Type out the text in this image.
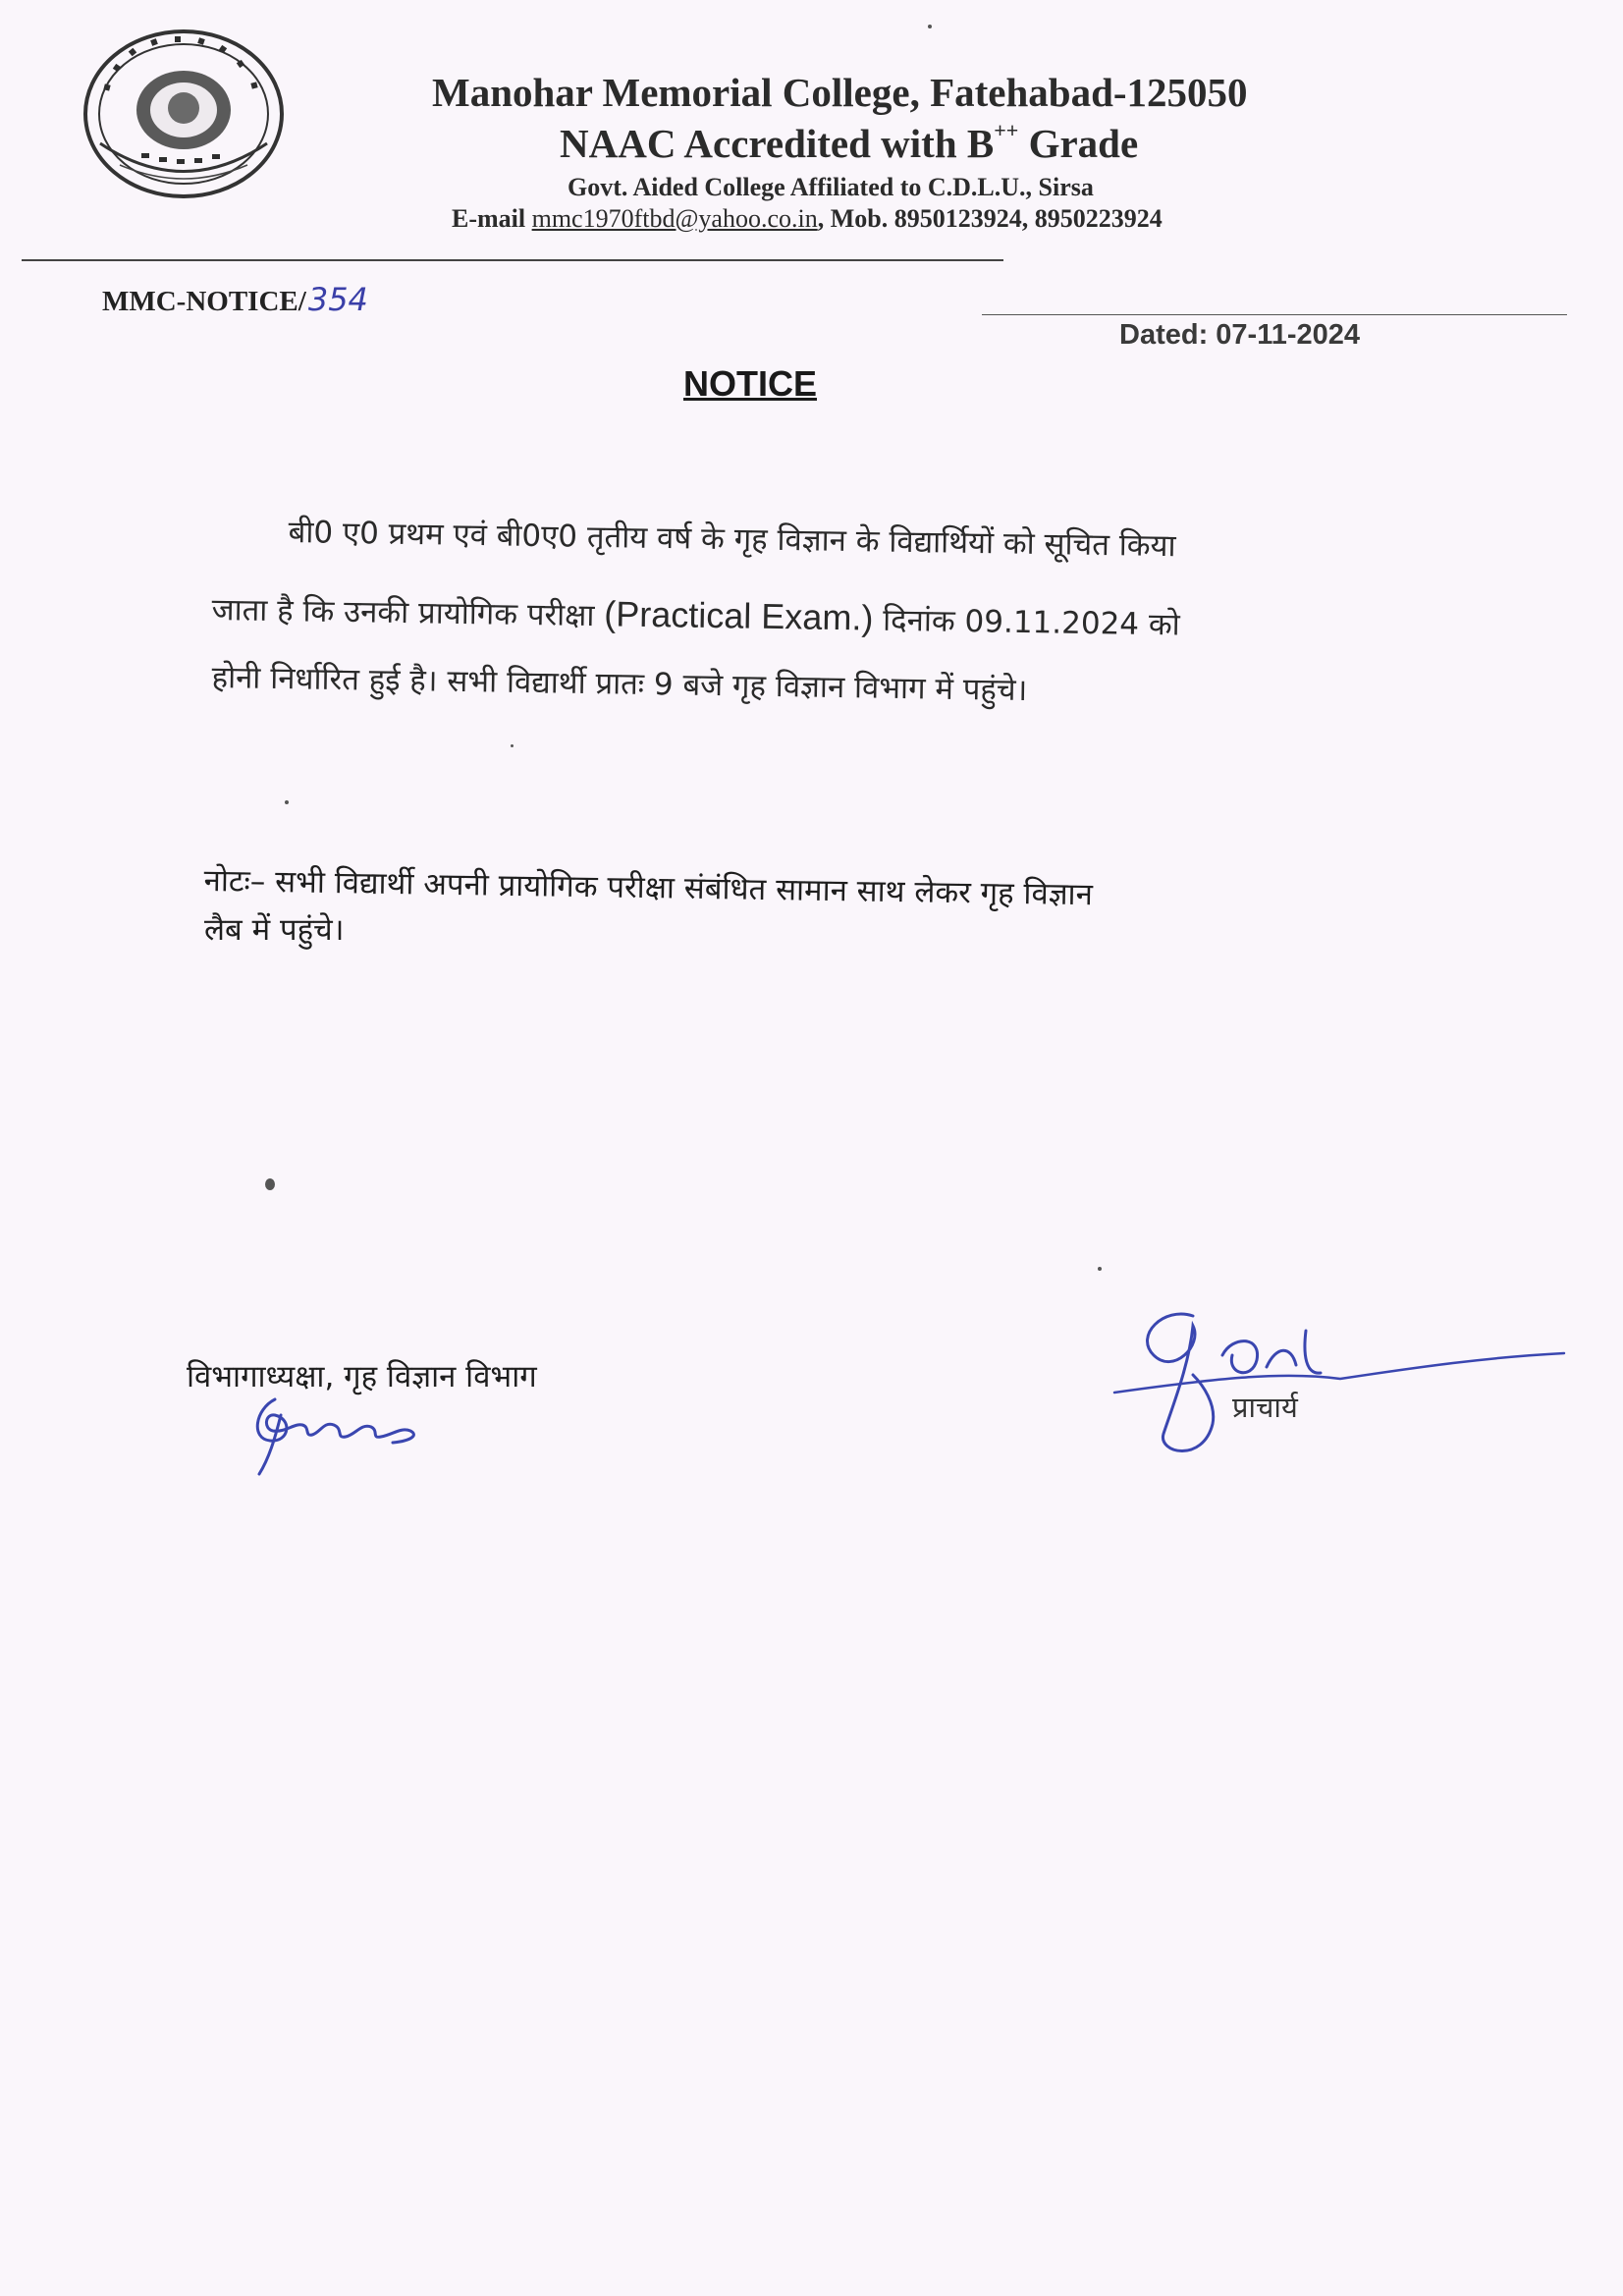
Manohar Memorial College, Fatehabad-125050
NAAC Accredited with B++ Grade
Govt. Aided College Affiliated to C.D.L.U., Sirsa
E-mail mmc1970ftbd@yahoo.co.in, Mob. 8950123924, 8950223924
MMC-NOTICE/354
Dated: 07-11-2024
NOTICE
बी0 ए0 प्रथम एवं बी0ए0 तृतीय वर्ष के गृह विज्ञान के विद्यार्थियों को सूचित किया
जाता है कि उनकी प्रायोगिक परीक्षा (Practical Exam.) दिनांक 09.11.2024 को
होनी निर्धारित हुई है। सभी विद्यार्थी प्रातः 9 बजे गृह विज्ञान विभाग में पहुंचे।
नोटः– सभी विद्यार्थी अपनी प्रायोगिक परीक्षा संबंधित सामान साथ लेकर गृह विज्ञान
लैब में पहुंचे।
विभागाध्यक्षा, गृह विज्ञान विभाग
प्राचार्य
